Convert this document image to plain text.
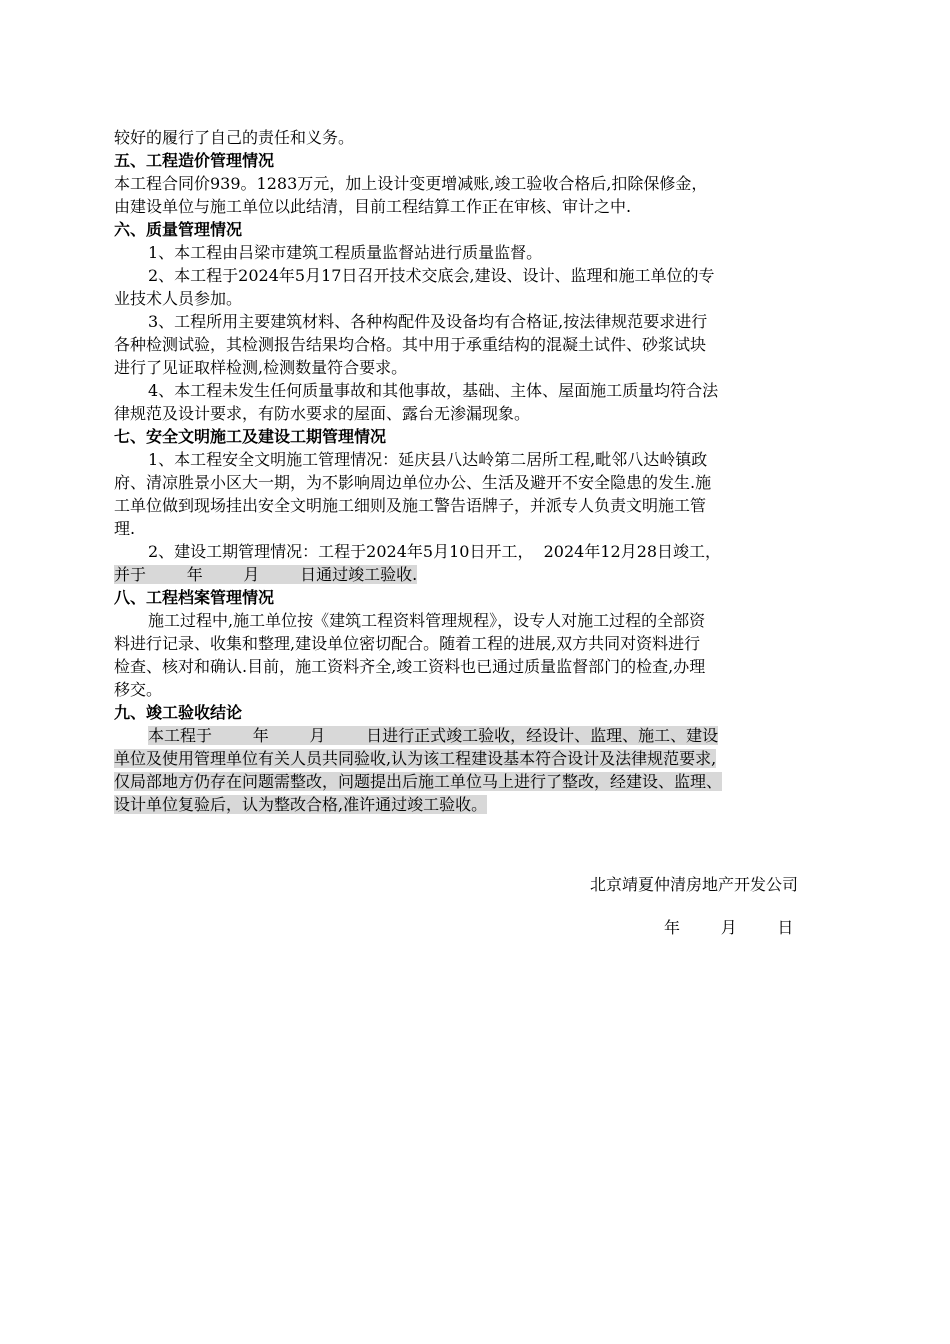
较好的履行了自己的责任和义务。
五、工程造价管理情况
本工程合同价939。1283万元，加上设计变更增减账,竣工验收合格后,扣除保修金，
由建设单位与施工单位以此结清，目前工程结算工作正在审核、审计之中.
六、质量管理情况
1、本工程由吕梁市建筑工程质量监督站进行质量监督。
2、本工程于2024年5月17日召开技术交底会,建设、设计、监理和施工单位的专
业技术人员参加。
3、工程所用主要建筑材料、各种构配件及设备均有合格证,按法律规范要求进行
各种检测试验，其检测报告结果均合格。其中用于承重结构的混凝土试件、砂浆试块
进行了见证取样检测,检测数量符合要求。
4、本工程未发生任何质量事故和其他事故，基础、主体、屋面施工质量均符合法
律规范及设计要求，有防水要求的屋面、露台无渗漏现象。
七、安全文明施工及建设工期管理情况
1、本工程安全文明施工管理情况：延庆县八达岭第二居所工程,毗邻八达岭镇政
府、清凉胜景小区大一期，为不影响周边单位办公、生活及避开不安全隐患的发生.施
工单位做到现场挂出安全文明施工细则及施工警告语牌子，并派专人负责文明施工管
理.
2、建设工期管理情况：工程于2024年5月10日开工，  2024年12月28日竣工，
并于        年        月        日通过竣工验收.
八、工程档案管理情况
施工过程中,施工单位按《建筑工程资料管理规程》，设专人对施工过程的全部资
料进行记录、收集和整理,建设单位密切配合。随着工程的进展,双方共同对资料进行
检查、核对和确认.目前，施工资料齐全,竣工资料也已通过质量监督部门的检查,办理
移交。
九、竣工验收结论
本工程于        年        月        日进行正式竣工验收，经设计、监理、施工、建设
单位及使用管理单位有关人员共同验收,认为该工程建设基本符合设计及法律规范要求,
仅局部地方仍存在问题需整改，问题提出后施工单位马上进行了整改，经建设、监理、
设计单位复验后，认为整改合格,准许通过竣工验收。
北京靖夏仲清房地产开发公司
年        月        日
